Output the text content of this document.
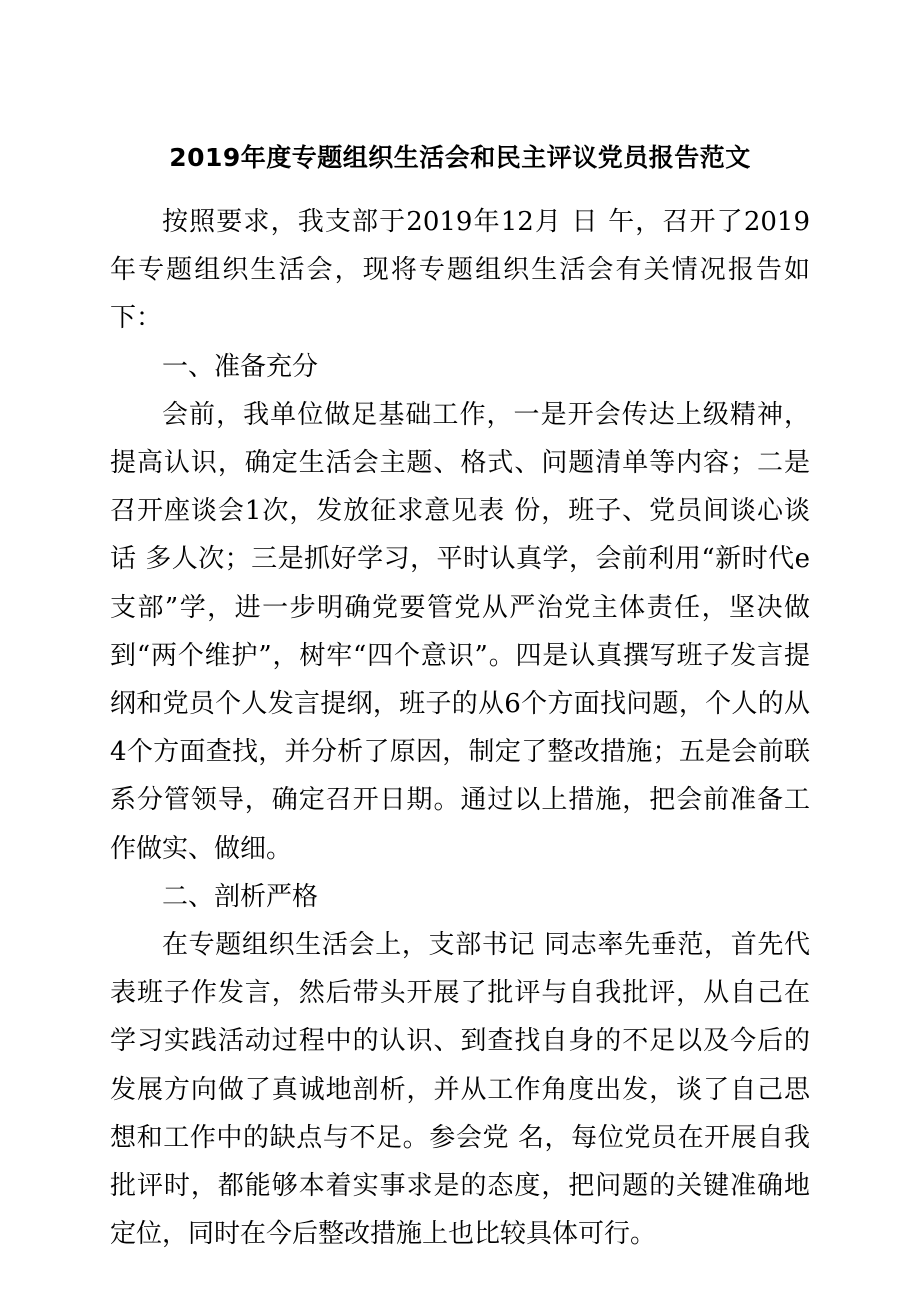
2019年度专题组织生活会和民主评议党员报告范文

按照要求，我支部于2019年12月 日 午，召开了2019年专题组织生活会，现将专题组织生活会有关情况报告如下：

一、准备充分

会前，我单位做足基础工作，一是开会传达上级精神，提高认识，确定生活会主题、格式、问题清单等内容；二是召开座谈会1次，发放征求意见表 份，班子、党员间谈心谈话 多人次；三是抓好学习，平时认真学，会前利用“新时代e支部”学，进一步明确党要管党从严治党主体责任，坚决做到“两个维护”，树牢“四个意识”。四是认真撰写班子发言提纲和党员个人发言提纲，班子的从6个方面找问题，个人的从4个方面查找，并分析了原因，制定了整改措施；五是会前联系分管领导，确定召开日期。通过以上措施，把会前准备工作做实、做细。

二、剖析严格

在专题组织生活会上，支部书记 同志率先垂范，首先代表班子作发言，然后带头开展了批评与自我批评，从自己在学习实践活动过程中的认识、到查找自身的不足以及今后的发展方向做了真诚地剖析，并从工作角度出发，谈了自己思想和工作中的缺点与不足。参会党 名，每位党员在开展自我批评时，都能够本着实事求是的态度，把问题的关键准确地定位，同时在今后整改措施上也比较具体可行。
